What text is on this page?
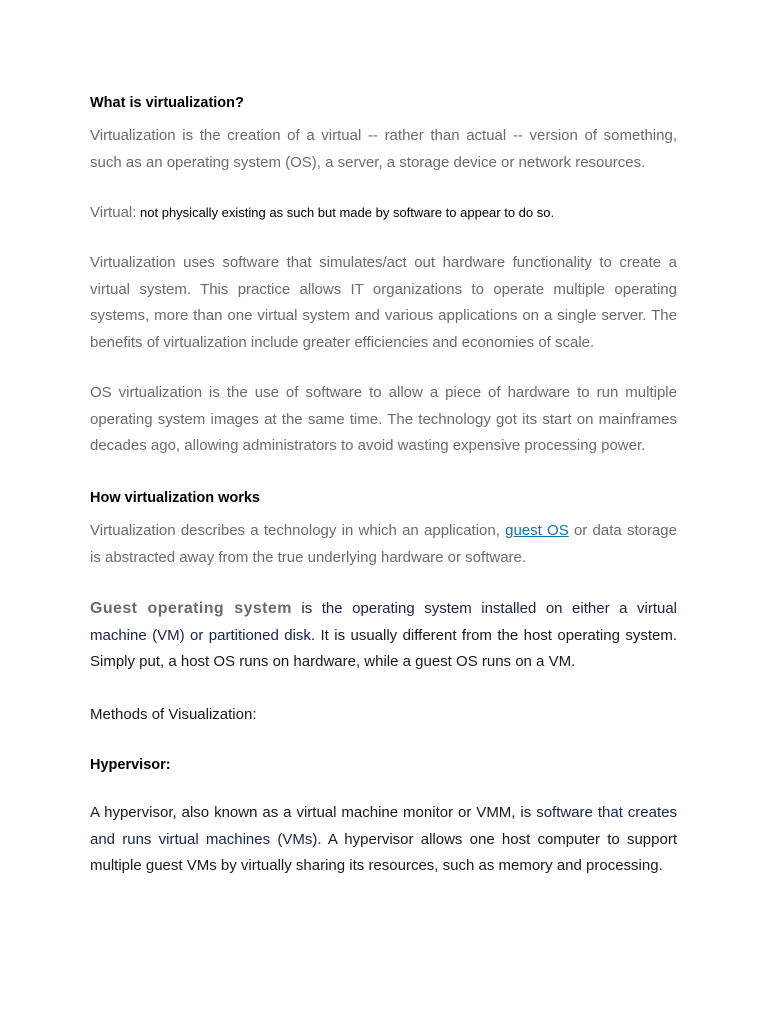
What is virtualization?
Virtualization is the creation of a virtual -- rather than actual -- version of something, such as an operating system (OS), a server, a storage device or network resources.
Virtual: not physically existing as such but made by software to appear to do so.
Virtualization uses software that simulates/act out hardware functionality to create a virtual system. This practice allows IT organizations to operate multiple operating systems, more than one virtual system and various applications on a single server. The benefits of virtualization include greater efficiencies and economies of scale.
OS virtualization is the use of software to allow a piece of hardware to run multiple operating system images at the same time. The technology got its start on mainframes decades ago, allowing administrators to avoid wasting expensive processing power.
How virtualization works
Virtualization describes a technology in which an application, guest OS or data storage is abstracted away from the true underlying hardware or software.
Guest operating system is the operating system installed on either a virtual machine (VM) or partitioned disk. It is usually different from the host operating system. Simply put, a host OS runs on hardware, while a guest OS runs on a VM.
Methods of Visualization:
Hypervisor:
A hypervisor, also known as a virtual machine monitor or VMM, is software that creates and runs virtual machines (VMs). A hypervisor allows one host computer to support multiple guest VMs by virtually sharing its resources, such as memory and processing.
